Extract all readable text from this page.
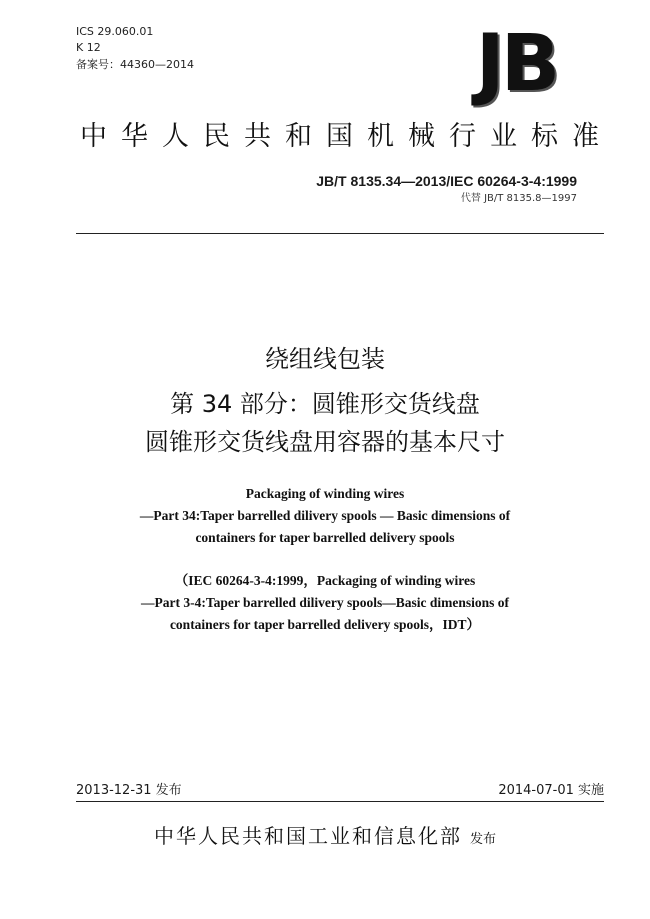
ICS 29.060.01
K 12
备案号：44360—2014	JB
中华人民共和国机械行业标准
JB/T 8135.34—2013/IEC 60264-3-4:1999
代替 JB/T 8135.8—1997
绕组线包装
第 34 部分：圆锥形交货线盘
圆锥形交货线盘用容器的基本尺寸
Packaging of winding wires
—Part 34:Taper barrelled dilivery spools — Basic dimensions of
containers for taper barrelled delivery spools
（IEC 60264-3-4:1999，Packaging of winding wires
—Part 3-4:Taper barrelled dilivery spools—Basic dimensions of
containers for taper barrelled delivery spools，IDT）
2013-12-31 发布	2014-07-01 实施
中华人民共和国工业和信息化部 发布
